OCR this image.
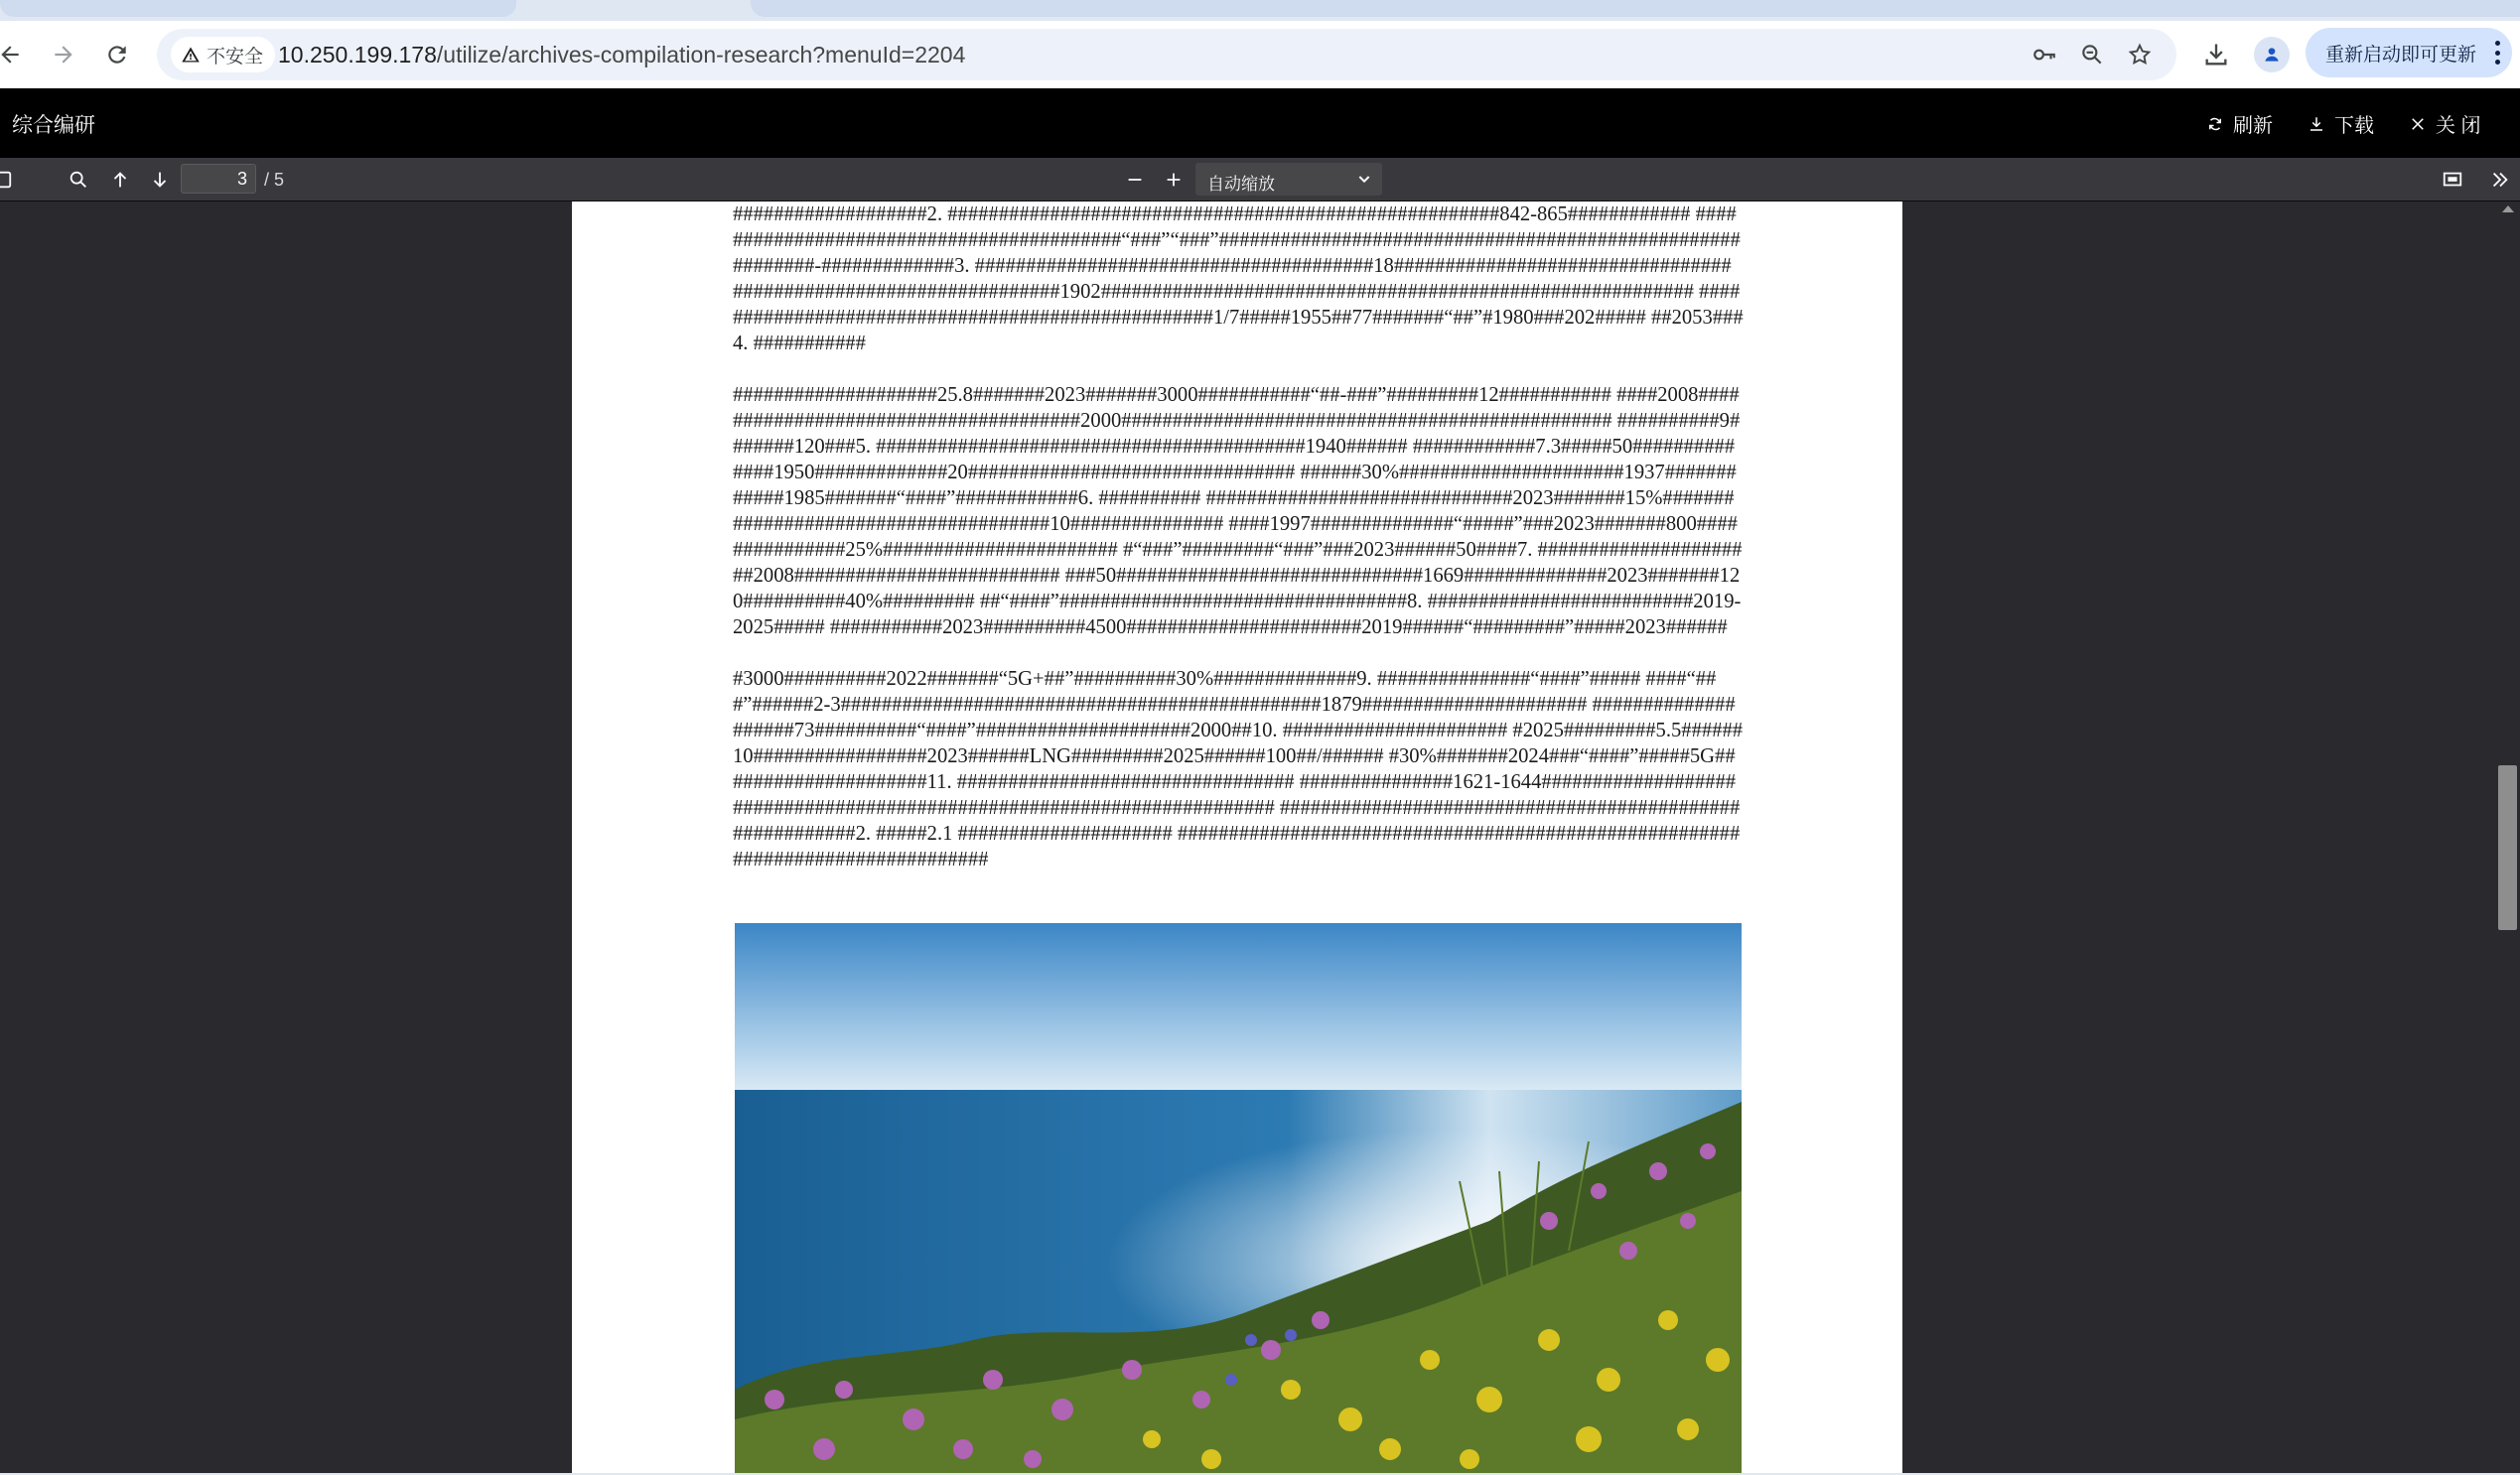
不安全 10.250.199.178/utilize/archives-compilation-research?menuId=2204	重新启动即可更新
综合编研	刷新	下载	关 闭
3 / 5	自动缩放

###################2. ######################################################842-865############ ##########################################“###”“###”###########################################################-#############3. #######################################18################################# ################################1902########################################################## ###################################################1/7#####1955##77#######“##”#1980###202##### ##2053###4. ###########

####################25.8#######2023#######3000###########“##-###”#########12########### ####2008######################################2000################################################ ##########9#######120###5. ##########################################1940###### ############7.3#####50##############1950#############20################################ ######30%######################1937############1985#######“####”############6. ########## ##############################2023#######15%######################################10############### ####1997##############“#####”###2023#######800###############25%####################### #“###”#########“###”###2023######50####7. ######################2008########################## ###50##############################1669##############2023#######120##########40%######### ##“####”##################################8. ##########################2019-2025##### ###########2023##########4500#######################2019######“#########”#####2023######

#3000##########2022#######“5G+##”##########30%##############9. ###############“####”##### ####“###”######2-3###############################################1879###################### ####################73##########“####”#####################2000##10. ###################### #2025#########5.5######10#################2023######LNG#########2025######100##/###### #30%#######2024###“####”#####5G#####################11. ################################# ###############1621-1644######################################################################## #########################################################2. #####2.1 ##################### ################################################################################
